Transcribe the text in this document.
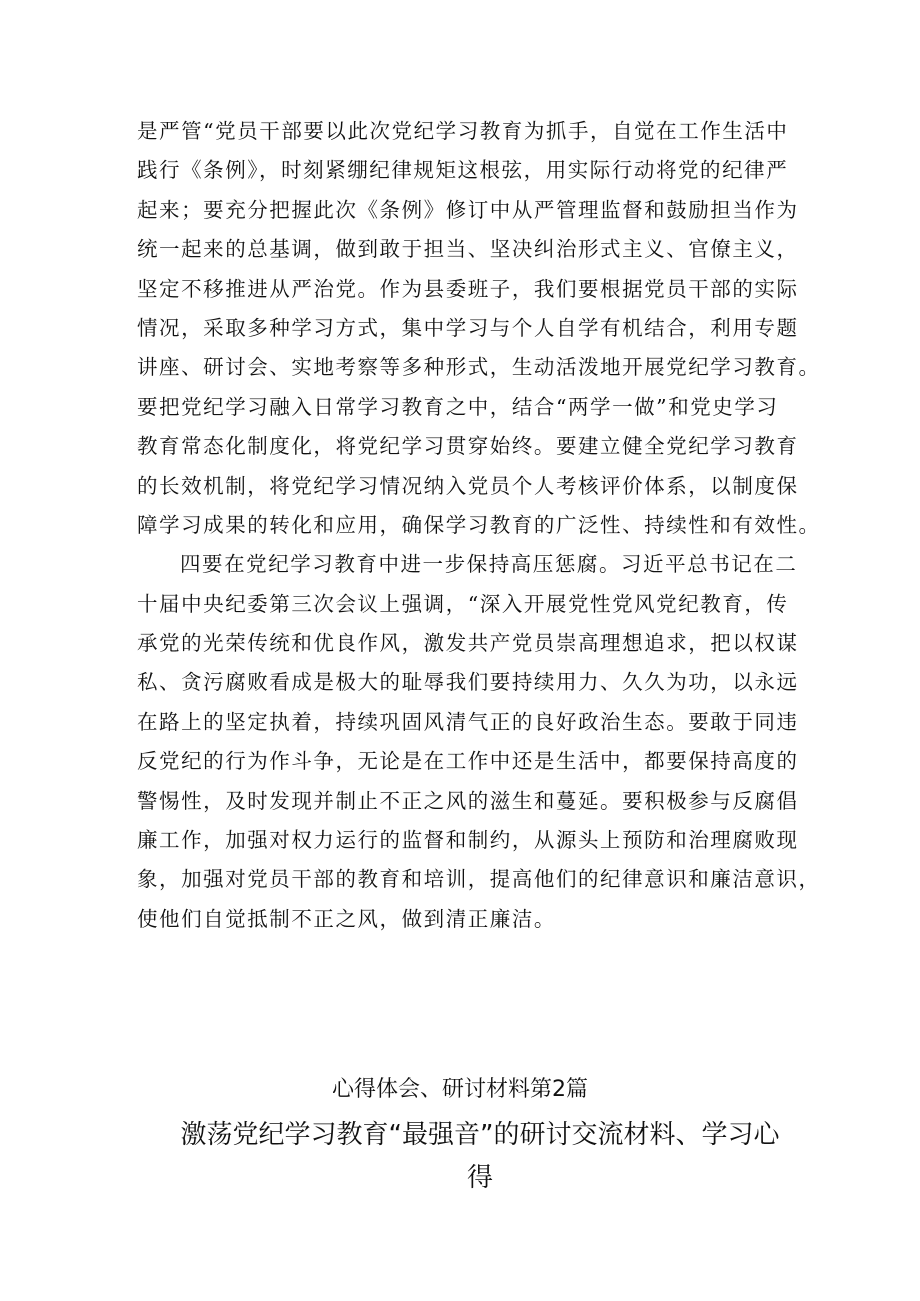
是严管“党员干部要以此次党纪学习教育为抓手，自觉在工作生活中
践行《条例》，时刻紧绷纪律规矩这根弦，用实际行动将党的纪律严
起来；要充分把握此次《条例》修订中从严管理监督和鼓励担当作为
统一起来的总基调，做到敢于担当、坚决纠治形式主义、官僚主义，
坚定不移推进从严治党。作为县委班子，我们要根据党员干部的实际
情况，采取多种学习方式，集中学习与个人自学有机结合，利用专题
讲座、研讨会、实地考察等多种形式，生动活泼地开展党纪学习教育。
要把党纪学习融入日常学习教育之中，结合“两学一做”和党史学习
教育常态化制度化，将党纪学习贯穿始终。要建立健全党纪学习教育
的长效机制，将党纪学习情况纳入党员个人考核评价体系，以制度保
障学习成果的转化和应用，确保学习教育的广泛性、持续性和有效性。
四要在党纪学习教育中进一步保持高压惩腐。习近平总书记在二
十届中央纪委第三次会议上强调，“深入开展党性党风党纪教育，传
承党的光荣传统和优良作风，激发共产党员崇高理想追求，把以权谋
私、贪污腐败看成是极大的耻辱我们要持续用力、久久为功，以永远
在路上的坚定执着，持续巩固风清气正的良好政治生态。要敢于同违
反党纪的行为作斗争，无论是在工作中还是生活中，都要保持高度的
警惕性，及时发现并制止不正之风的滋生和蔓延。要积极参与反腐倡
廉工作，加强对权力运行的监督和制约，从源头上预防和治理腐败现
象，加强对党员干部的教育和培训，提高他们的纪律意识和廉洁意识，
使他们自觉抵制不正之风，做到清正廉洁。
心得体会、研讨材料第2篇
激荡党纪学习教育“最强音”的研讨交流材料、学习心
得
